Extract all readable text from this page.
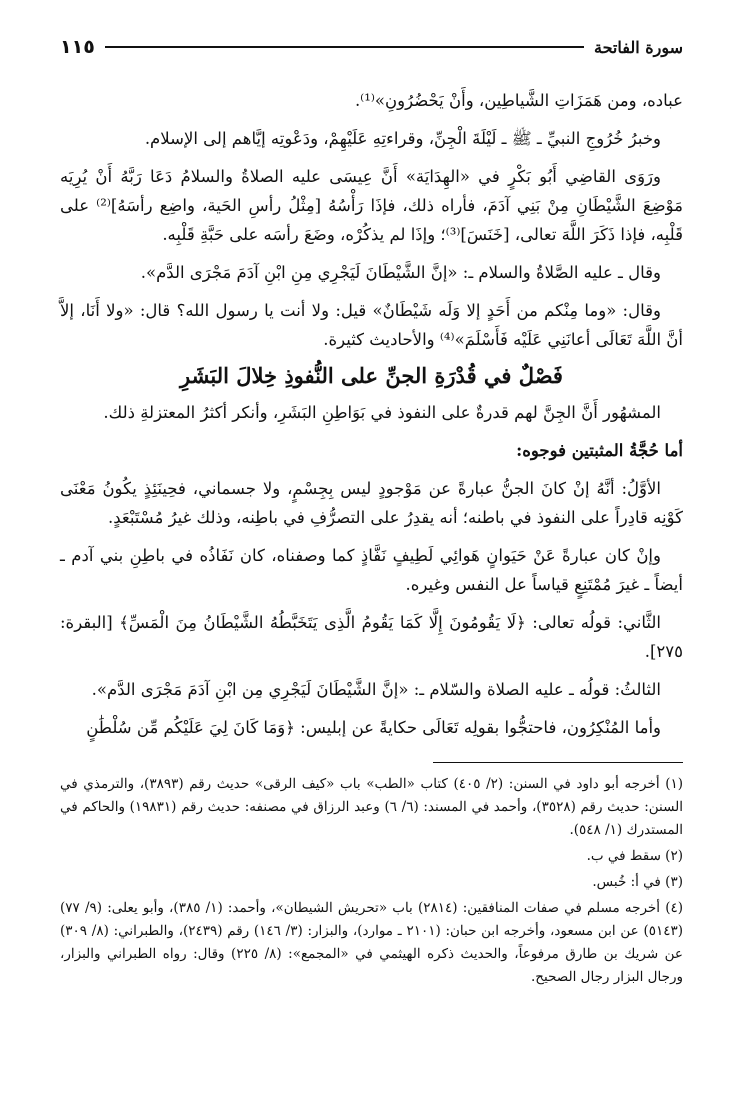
سورة الفاتحة
١١٥

عباده، ومن هَمَزَاتِ الشَّياطِين، وأَنْ يَحْضُرُونِ»⁽¹⁾.

وخبرُ خُرُوجِ النبيِّ ـ ﷺ ـ لَيْلَةَ الْجِنِّ، وقراءتِهِ عَلَيْهِمْ، ودَعْوتِه إيَّاهم إلى الإسلام.

ورَوَى القاضِي أَبُو بَكْرٍ في «الهِدَايَة» أَنَّ عِيسَى عليه الصلاةُ والسلامُ دَعَا رَبَّهُ أَنْ يُرِيَه مَوْضِعَ الشَّيْطَانِ مِنْ بَنِي آدَمَ، فأراه ذلك، فإذَا رَأْسُهُ [مِثْلُ رأسِ الحَية، واضِع رأسَهُ]⁽²⁾ على قَلْبِه، فإذا ذَكَرَ اللَّهَ تعالى، [خَنَسَ]⁽³⁾؛ وإذَا لم يذكُرْه، وضَعَ رأسَه على حَبَّةِ قَلْبِه.

وقال ـ عليه الصَّلاةُ والسلام ـ: «إنَّ الشَّيْطَانَ لَيَجْرِي مِنِ ابْنِ آدَمَ مَجْرَى الدَّم».

وقال: «وما مِنْكم من أَحَدٍ إلا وَلَه شَيْطَانٌ» قيل: ولا أنت يا رسول الله؟ قال: «ولا أَنَا، إلاَّ أنَّ اللَّهَ تَعَالَى أعانَنِي عَلَيْه فَأَسْلَمَ»⁽⁴⁾ والأحاديث كثيرة.

فَصْلٌ في قُدْرَةِ الجنِّ على النُّفوذِ خِلالَ البَشَرِ

المشهُور أَنَّ الجِنَّ لهم قدرةٌ على النفوذ في بَوَاطِنِ البَشَرِ، وأنكر أكثرُ المعتزلةِ ذلك.

أما حُجَّةُ المثبتين فوجوه:

الأوَّلُ: أنَّهُ إنْ كانَ الجنُّ عبارةً عن مَوْجودٍ ليس بِجِسْمٍ، ولا جسماني، فحِينَئِذٍ يكُونُ مَعْنَى كَوْنِه قادِراً على النفوذ في باطنه؛ أنه يقدِرُ على التصرُّفِ في باطِنه، وذلك غيرُ مُسْتَبْعَدٍ.

وإنْ كان عبارةً عَنْ حَيَوانٍ هَوائِي لَطِيفٍ نَفَّاذٍ كما وصفناه، كان نَفَاذُه في باطِنِ بني آدم ـ أيضاً ـ غيرَ مُمْتَنِعٍ قياساً عل النفس وغيره.

الثَّاني: قولُه تعالى: ﴿لَا يَقُومُونَ إِلَّا كَمَا يَقُومُ الَّذِى يَتَخَبَّطُهُ الشَّيْطَانُ مِنَ الْمَسِّ﴾ [البقرة: ٢٧٥].

الثالثُ: قولُه ـ عليه الصلاة والسّلام ـ: «إنَّ الشَّيْطَانَ لَيَجْرِي مِن ابْنِ آدَمَ مَجْرَى الدَّم».

وأما المُنْكِرُون، فاحتجُّوا بقولِه تَعَالَى حكايةً عن إبليس: ﴿وَمَا كَانَ لِيَ عَلَيْكُم مِّن سُلْطَٰنٍ

(١) أخرجه أبو داود في السنن: (٢/ ٤٠٥) كتاب «الطب» باب «كيف الرقى» حديث رقم (٣٨٩٣)، والترمذي في السنن: حديث رقم (٣٥٢٨)، وأحمد في المسند: (٦/ ٦) وعبد الرزاق في مصنفه: حديث رقم (١٩٨٣١) والحاكم في المستدرك (١/ ٥٤٨).

(٢) سقط في ب.

(٣) في أ: خُبس.

(٤) أخرجه مسلم في صفات المنافقين: (٢٨١٤) باب «تحريش الشيطان»، وأحمد: (١/ ٣٨٥)، وأبو يعلى: (٩/ ٧٧) (٥١٤٣) عن ابن مسعود، وأخرجه ابن حبان: (٢١٠١ ـ موارد)، والبزار: (٣/ ١٤٦) رقم (٢٤٣٩)، والطبراني: (٨/ ٣٠٩) عن شريك بن طارق مرفوعاً، والحديث ذكره الهيثمي في «المجمع»: (٨/ ٢٢٥) وقال: رواه الطبراني والبزار، ورجال البزار رجال الصحيح.
